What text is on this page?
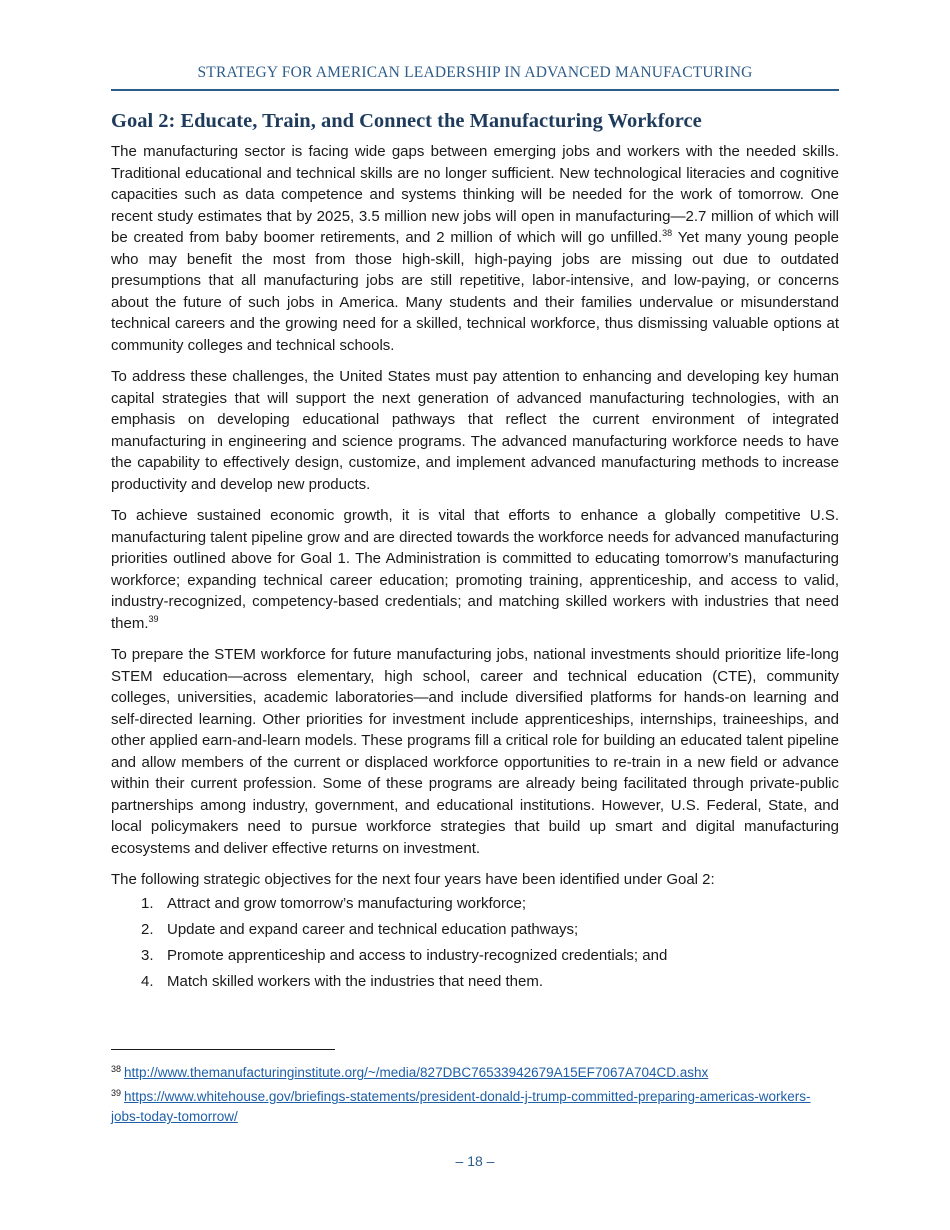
STRATEGY FOR AMERICAN LEADERSHIP IN ADVANCED MANUFACTURING
Goal 2: Educate, Train, and Connect the Manufacturing Workforce

The manufacturing sector is facing wide gaps between emerging jobs and workers with the needed skills. Traditional educational and technical skills are no longer sufficient. New technological literacies and cognitive capacities such as data competence and systems thinking will be needed for the work of tomorrow. One recent study estimates that by 2025, 3.5 million new jobs will open in manufacturing—2.7 million of which will be created from baby boomer retirements, and 2 million of which will go unfilled.$^{38}$ Yet many young people who may benefit the most from those high-skill, high-paying jobs are missing out due to outdated presumptions that all manufacturing jobs are still repetitive, labor-intensive, and low-paying, or concerns about the future of such jobs in America. Many students and their families undervalue or misunderstand technical careers and the growing need for a skilled, technical workforce, thus dismissing valuable options at community colleges and technical schools.

To address these challenges, the United States must pay attention to enhancing and developing key human capital strategies that will support the next generation of advanced manufacturing technologies, with an emphasis on developing educational pathways that reflect the current environment of integrated manufacturing in engineering and science programs. The advanced manufacturing workforce needs to have the capability to effectively design, customize, and implement advanced manufacturing methods to increase productivity and develop new products.

To achieve sustained economic growth, it is vital that efforts to enhance a globally competitive U.S. manufacturing talent pipeline grow and are directed towards the workforce needs for advanced manufacturing priorities outlined above for Goal 1. The Administration is committed to educating tomorrow’s manufacturing workforce; expanding technical career education; promoting training, apprenticeship, and access to valid, industry-recognized, competency-based credentials; and matching skilled workers with industries that need them.$^{39}$

To prepare the STEM workforce for future manufacturing jobs, national investments should prioritize life-long STEM education—across elementary, high school, career and technical education (CTE), community colleges, universities, academic laboratories—and include diversified platforms for hands-on learning and self-directed learning. Other priorities for investment include apprenticeships, internships, traineeships, and other applied earn-and-learn models. These programs fill a critical role for building an educated talent pipeline and allow members of the current or displaced workforce opportunities to re-train in a new field or advance within their current profession. Some of these programs are already being facilitated through private-public partnerships among industry, government, and educational institutions. However, U.S. Federal, State, and local policymakers need to pursue workforce strategies that build up smart and digital manufacturing ecosystems and deliver effective returns on investment.

The following strategic objectives for the next four years have been identified under Goal 2:

1. Attract and grow tomorrow’s manufacturing workforce;
2. Update and expand career and technical education pathways;
3. Promote apprenticeship and access to industry-recognized credentials; and
4. Match skilled workers with the industries that need them.
$^{38}$ http://www.themanufacturinginstitute.org/~/media/827DBC76533942679A15EF7067A704CD.ashx
$^{39}$ https://www.whitehouse.gov/briefings-statements/president-donald-j-trump-committed-preparing-americas-workers-jobs-today-tomorrow/
– 18 –
